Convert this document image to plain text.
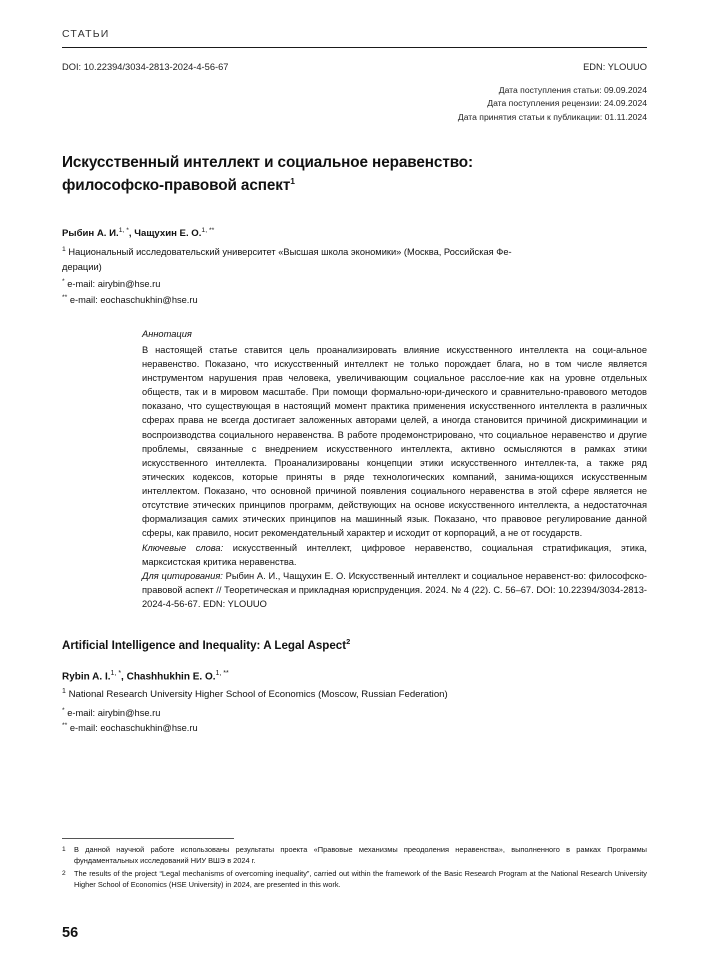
СТАТЬИ
DOI: 10.22394/3034-2813-2024-4-56-67	EDN: YLOUUO
Дата поступления статьи: 09.09.2024
Дата поступления рецензии: 24.09.2024
Дата принятия статьи к публикации: 01.11.2024
Искусственный интеллект и социальное неравенство:
философско-правовой аспект$^1$
Рыбин А. И.$^{1, *}$, Чащухин Е. О.$^{1, **}$
$^1$ Национальный исследовательский университет «Высшая школа экономики» (Москва, Российская Фе-
дерации)
* e-mail: airybin@hse.ru
** e-mail: eochaschukhin@hse.ru
Аннотация

В настоящей статье ставится цель проанализировать влияние искусственного интеллекта на соци-альное неравенство. Показано, что искусственный интеллект не только порождает блага, но в том числе является инструментом нарушения прав человека, увеличивающим социальное расслое-ние как на уровне отдельных обществ, так и в мировом масштабе. При помощи формально-юри-дического и сравнительно-правового методов показано, что существующая в настоящий момент практика применения искусственного интеллекта в различных сферах права не всегда достигает заложенных авторами целей, а иногда становится причиной дискриминации и воспроизводства социального неравенства. В работе продемонстрировано, что социальное неравенство и другие проблемы, связанные с внедрением искусственного интеллекта, активно осмысляются в рамках этики искусственного интеллекта. Проанализированы концепции этики искусственного интеллек-та, а также ряд этических кодексов, которые приняты в ряде технологических компаний, занима-ющихся искусственным интеллектом. Показано, что основной причиной появления социального неравенства в этой сфере является не отсутствие этических принципов программ, действующих на основе искусственного интеллекта, а недостаточная формализация самих этических принципов на машинный язык. Показано, что правовое регулирование данной сферы, как правило, носит рекомендательный характер и исходит от корпораций, а не от государств.

Ключевые слова: искусственный интеллект, цифровое неравенство, социальная стратификация, этика, марксистская критика неравенства.

Для цитирования: Рыбин А. И., Чащухин Е. О. Искусственный интеллект и социальное неравенст-во: философско-правовой аспект // Теоретическая и прикладная юриспруденция. 2024. № 4 (22). С. 56–67. DOI: 10.22394/3034-2813-2024-4-56-67. EDN: YLOUUO

Artificial Intelligence and Inequality: A Legal Aspect$^2$
Rybin A. I.$^{1, *}$, Chashhukhin E. O.$^{1, **}$
$^1$ National Research University Higher School of Economics (Moscow, Russian Federation)
* e-mail: airybin@hse.ru
** e-mail: eochaschukhin@hse.ru
1	В данной научной работе использованы результаты проекта «Правовые механизмы преодоления неравенства», выполненного в рамках Программы фундаментальных исследований НИУ ВШЭ в 2024 г.
2	The results of the project “Legal mechanisms of overcoming inequality”, carried out within the framework of the Basic Research Program at the National Research University Higher School of Economics (HSE University) in 2024, are presented in this work.
56
